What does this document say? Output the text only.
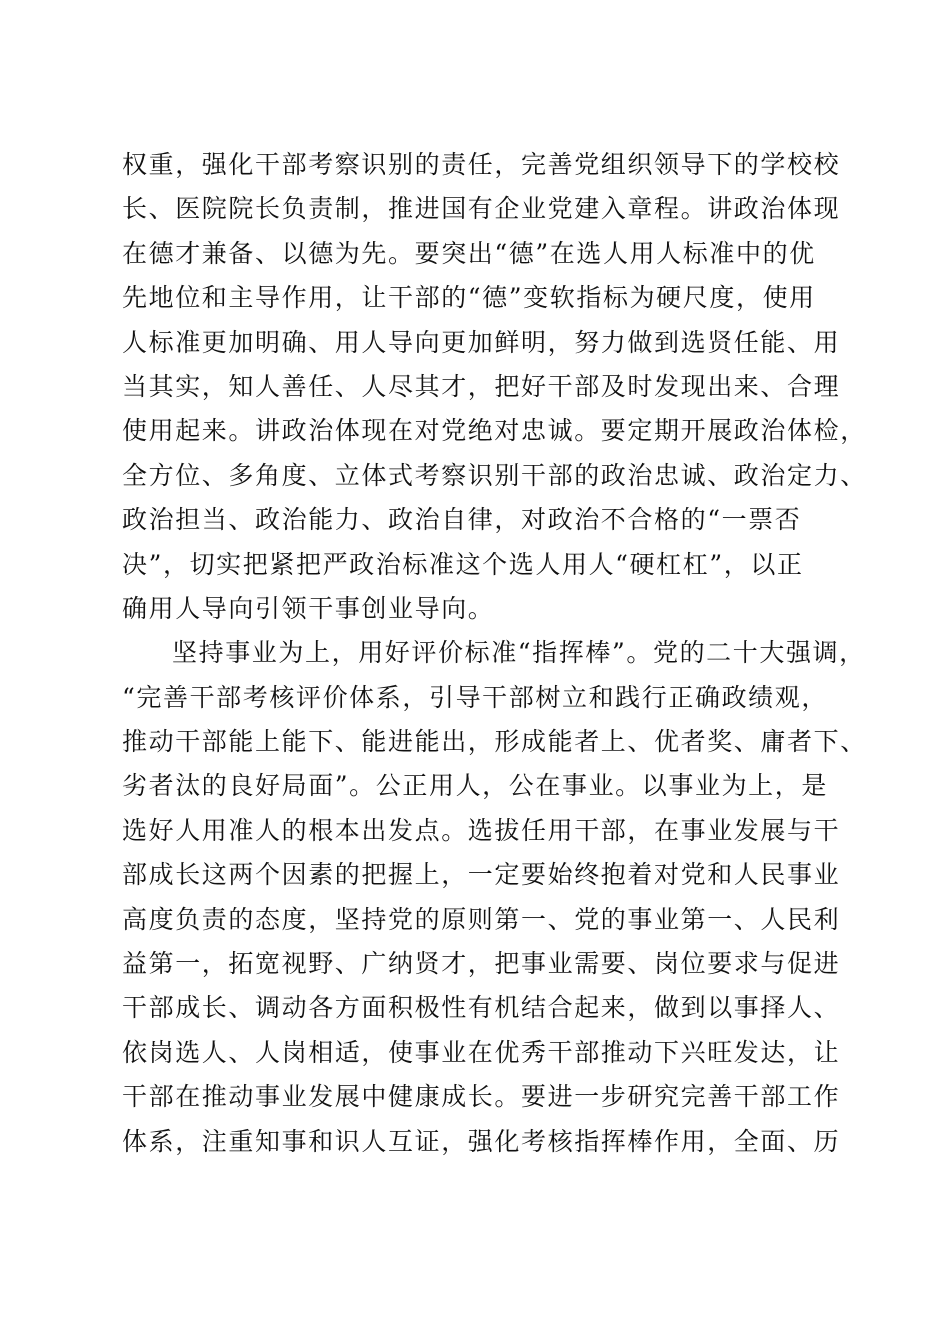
权重，强化干部考察识别的责任，完善党组织领导下的学校校
长、医院院长负责制，推进国有企业党建入章程。讲政治体现
在德才兼备、以德为先。要突出“德”在选人用人标准中的优
先地位和主导作用，让干部的“德”变软指标为硬尺度，使用
人标准更加明确、用人导向更加鲜明，努力做到选贤任能、用
当其实，知人善任、人尽其才，把好干部及时发现出来、合理
使用起来。讲政治体现在对党绝对忠诚。要定期开展政治体检，
全方位、多角度、立体式考察识别干部的政治忠诚、政治定力、
政治担当、政治能力、政治自律，对政治不合格的“一票否
决”，切实把紧把严政治标准这个选人用人“硬杠杠”，以正
确用人导向引领干事创业导向。
坚持事业为上，用好评价标准“指挥棒”。党的二十大强调，
“完善干部考核评价体系，引导干部树立和践行正确政绩观，
推动干部能上能下、能进能出，形成能者上、优者奖、庸者下、
劣者汰的良好局面”。公正用人，公在事业。以事业为上，是
选好人用准人的根本出发点。选拔任用干部，在事业发展与干
部成长这两个因素的把握上，一定要始终抱着对党和人民事业
高度负责的态度，坚持党的原则第一、党的事业第一、人民利
益第一，拓宽视野、广纳贤才，把事业需要、岗位要求与促进
干部成长、调动各方面积极性有机结合起来，做到以事择人、
依岗选人、人岗相适，使事业在优秀干部推动下兴旺发达，让
干部在推动事业发展中健康成长。要进一步研究完善干部工作
体系，注重知事和识人互证，强化考核指挥棒作用，全面、历
